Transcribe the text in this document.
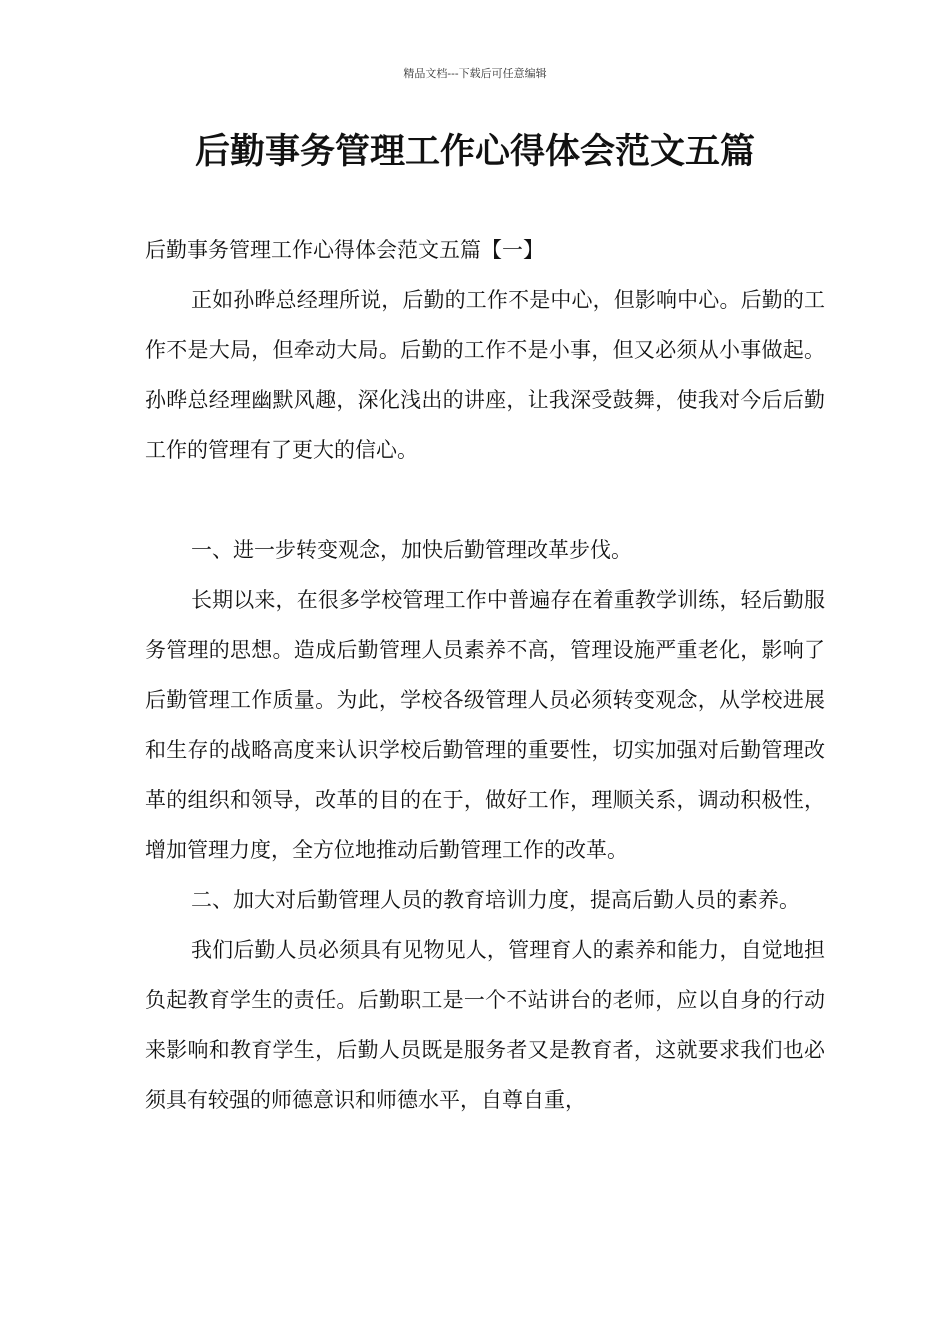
精品文档---下载后可任意编辑
后勤事务管理工作心得体会范文五篇

后勤事务管理工作心得体会范文五篇【一】

正如孙晔总经理所说，后勤的工作不是中心，但影响中心。后勤的工作不是大局，但牵动大局。后勤的工作不是小事，但又必须从小事做起。孙晔总经理幽默风趣，深化浅出的讲座，让我深受鼓舞，使我对今后后勤工作的管理有了更大的信心。

一、进一步转变观念，加快后勤管理改革步伐。

长期以来，在很多学校管理工作中普遍存在着重教学训练，轻后勤服务管理的思想。造成后勤管理人员素养不高，管理设施严重老化，影响了后勤管理工作质量。为此，学校各级管理人员必须转变观念，从学校进展和生存的战略高度来认识学校后勤管理的重要性，切实加强对后勤管理改革的组织和领导，改革的目的在于，做好工作，理顺关系，调动积极性，增加管理力度，全方位地推动后勤管理工作的改革。

二、加大对后勤管理人员的教育培训力度，提高后勤人员的素养。

我们后勤人员必须具有见物见人，管理育人的素养和能力，自觉地担负起教育学生的责任。后勤职工是一个不站讲台的老师，应以自身的行动来影响和教育学生，后勤人员既是服务者又是教育者，这就要求我们也必须具有较强的师德意识和师德水平，自尊自重，
